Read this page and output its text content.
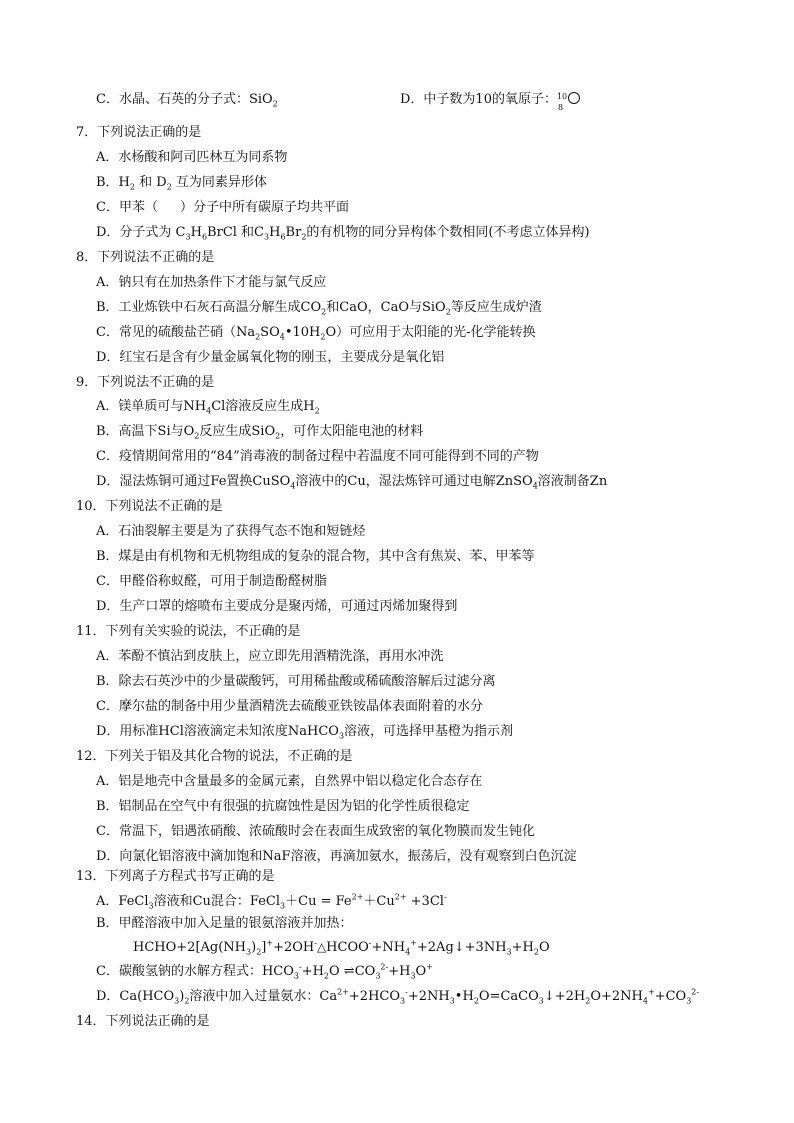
C．水晶、石英的分子式：SiO$_2$	D．中子数为10的氧原子： 10
8
7．下列说法正确的是
A．水杨酸和阿司匹林互为同系物
B．$H_2$ 和 $D_2$ 互为同素异形体
C．甲苯（ ）分子中所有碳原子均共平面
D．分子式为 $C_3H_6BrCl$ 和$C_3H_6Br_2$的有机物的同分异构体个数相同(不考虑立体异构)
8．下列说法不正确的是
A．钠只有在加热条件下才能与氯气反应
B．工业炼铁中石灰石高温分解生成$CO_2$和CaO，CaO与SiO$_2$等反应生成炉渣
C．常见的硫酸盐芒硝$(Na_2SO_4•10H_2O)$可应用于太阳能的光-化学能转换
D．红宝石是含有少量金属氧化物的刚玉，主要成分是氧化铝
9．下列说法不正确的是
A．镁单质可与$NH_4Cl$溶液反应生成$H_2$
B．高温下Si与$O_2$反应生成SiO$_2$，可作太阳能电池的材料
C．疫情期间常用的“84”消毒液的制备过程中若温度不同可能得到不同的产物
D．湿法炼铜可通过Fe置换CuSO$_4$溶液中的Cu，湿法炼锌可通过电解ZnSO$_4$溶液制备Zn
10．下列说法不正确的是
A．石油裂解主要是为了获得气态不饱和短链烃
B．煤是由有机物和无机物组成的复杂的混合物，其中含有焦炭、苯、甲苯等
C．甲醛俗称蚁醛，可用于制造酚醛树脂
D．生产口罩的熔喷布主要成分是聚丙烯，可通过丙烯加聚得到
11．下列有关实验的说法，不正确的是
A．苯酚不慎沾到皮肤上，应立即先用酒精洗涤，再用水冲洗
B．除去石英沙中的少量碳酸钙，可用稀盐酸或稀硫酸溶解后过滤分离
C．摩尔盐的制备中用少量酒精洗去硫酸亚铁铵晶体表面附着的水分
D．用标准HCl溶液滴定未知浓度NaHCO$_3$溶液，可选择甲基橙为指示剂
12．下列关于铝及其化合物的说法，不正确的是
A．铝是地壳中含量最多的金属元素，自然界中铝以稳定化合态存在
B．铝制品在空气中有很强的抗腐蚀性是因为铝的化学性质很稳定
C．常温下，铝遇浓硝酸、浓硫酸时会在表面生成致密的氧化物膜而发生钝化
D．向氯化铝溶液中滴加饱和NaF溶液，再滴加氨水，振荡后，没有观察到白色沉淀
13．下列离子方程式书写正确的是
A．FeCl$_3$溶液和Cu混合：FeCl$_3$＋Cu = $Fe^{2+}+Cu^{2+} +3Cl^-$
B．甲醛溶液中加入足量的银氨溶液并加热：
$HCHO+2[Ag(NH_3)_2]^++2OH^-\triangle HCOO^-+NH_4^++2Ag↓+3NH_3+H_2O$
C．碳酸氢钠的水解方程式：$HCO_3^-+H_2O$ $\rightleftharpoons CO_3^{2-}+H_3O^+$
D．$Ca(HCO_3)_2$溶液中加入过量氨水：$Ca^{2+}+2HCO_3^-+2NH_3•H_2O=CaCO_3↓+2H_2O+2NH_4^++CO_3^{2-}$
14．下列说法正确的是
